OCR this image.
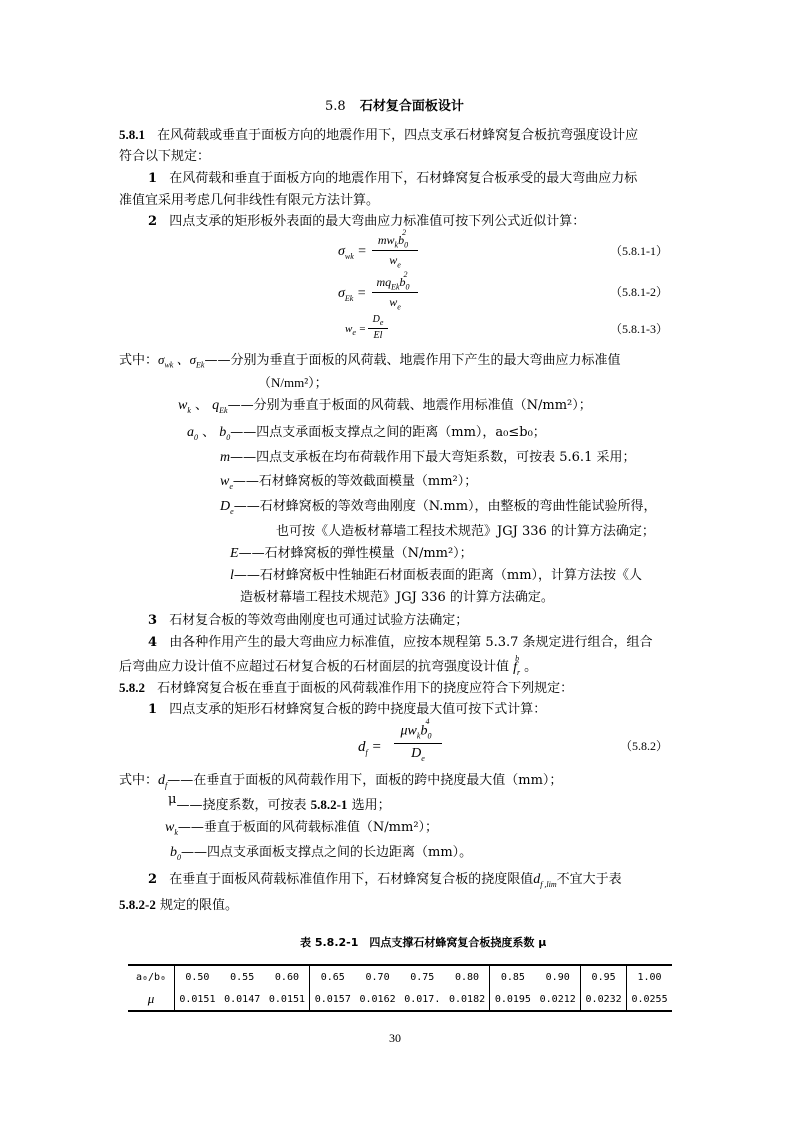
5.8 石材复合面板设计
5.8.1 在风荷载或垂直于面板方向的地震作用下，四点支承石材蜂窝复合板抗弯强度设计应
符合以下规定：
1 在风荷载和垂直于面板方向的地震作用下，石材蜂窝复合板承受的最大弯曲应力标
准值宜采用考虑几何非线性有限元方法计算。
2 四点支承的矩形板外表面的最大弯曲应力标准值可按下列公式近似计算：
$\sigma_{wk}$ =
$mw_kb_0^2$
$w_e$
（5.8.1-1）
$\sigma_{Ek}$ =
$mq_{Ek}b_0^2$
$w_e$
（5.8.1-2）
$w_e$ =
$D_e$
El	（5.8.1-3）
式中：$\sigma_{wk}$ 、$\sigma_{Ek}——$分别为垂直于面板的风荷载、地震作用下产生的最大弯曲应力标准值
（N/mm²）；
$w_k$ 、 $q_{Ek}——$分别为垂直于板面的风荷载、地震作用标准值（N/mm²）；
$a_0$ 、 $b_0——$四点支承面板支撑点之间的距离（mm），a₀≤b₀；
m——四点支承板在均布荷载作用下最大弯矩系数，可按表 5.6.1 采用；
$w_e——$石材蜂窝板的等效截面模量（mm²）；
$D_e——$石材蜂窝板的等效弯曲刚度（N.mm），由整板的弯曲性能试验所得，
也可按《人造板材幕墙工程技术规范》JGJ 336 的计算方法确定；
E——石材蜂窝板的弹性模量（N/mm²）；
l——石材蜂窝板中性轴距石材面板表面的距离（mm），计算方法按《人
造板材幕墙工程技术规范》JGJ 336 的计算方法确定。
3 石材复合板的等效弯曲刚度也可通过试验方法确定；
4 由各种作用产生的最大弯曲应力标准值，应按本规程第 5.3.7 条规定进行组合，组合
后弯曲应力设计值不应超过石材复合板的石材面层的抗弯强度设计值 $f_r^b$。
5.8.2 石材蜂窝复合板在垂直于面板的风荷载准作用下的挠度应符合下列规定：
1 四点支承的矩形石材蜂窝复合板的跨中挠度最大值可按下式计算：
$d_f$ =
$\mu w_kb_0^4$
$D_e$
（5.8.2）
式中：$d_f——$在垂直于面板的风荷载作用下，面板的跨中挠度最大值（mm）；
μ——挠度系数，可按表 5.8.2-1 选用；
$w_k——$垂直于板面的风荷载标准值（N/mm²）；
$b_0——$四点支承面板支撑点之间的长边距离（mm）。
2 在垂直于面板风荷载标准值作用下，石材蜂窝复合板的挠度限值$d_{f ,lim}$不宜大于表
5.8.2-2 规定的限值。
表 5.8.2-1　四点支撑石材蜂窝复合板挠度系数 μ
a₀/b₀	0.50	0.55	0.60	0.65	0.70	0.75	0.80	0.85	0.90	0.95	1.00
μ	0.0151	0.0147	0.0151	0.0157	0.0162	0.017.	0.0182	0.0195	0.0212	0.0232	0.0255
30
